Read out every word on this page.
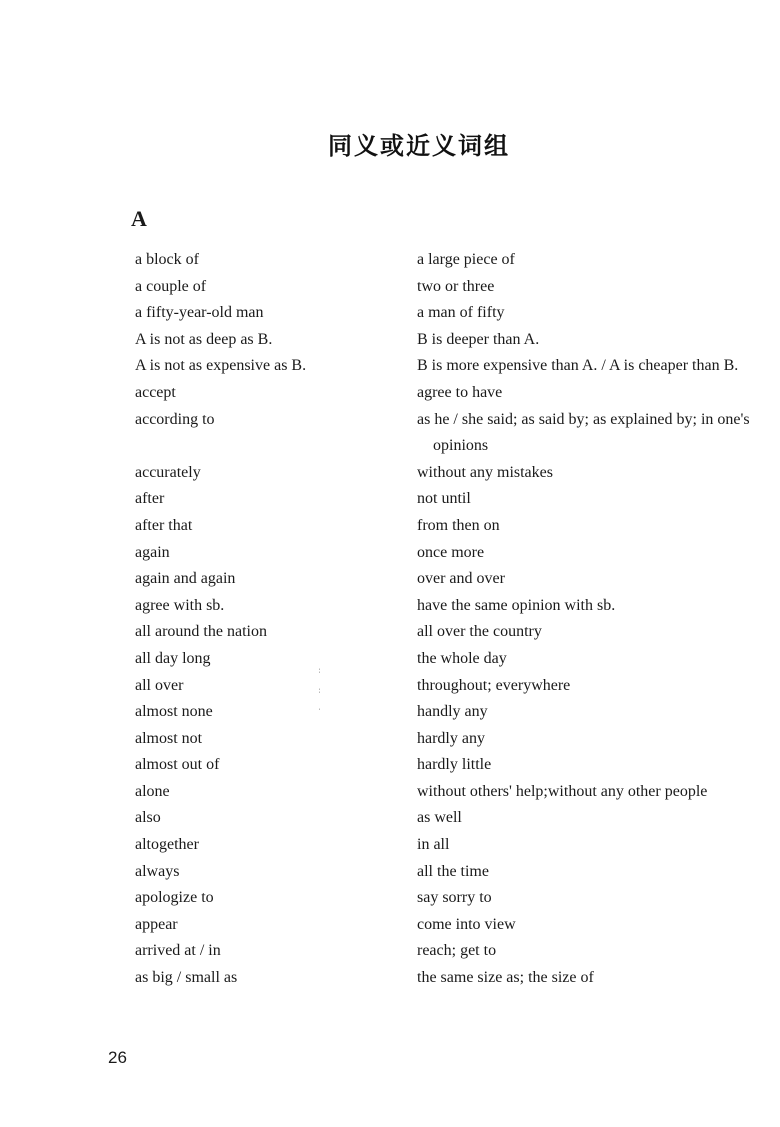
同义或近义词组
A
a block of	a large piece of
a couple of	two or three
a fifty-year-old man	a man of fifty
A is not as deep as B.	B is deeper than A.
A is not as expensive as B.	B is more expensive than A. / A is cheaper than B.
accept	agree to have
according to	as he / she said; as said by; as explained by; in one's opinions
accurately	without any mistakes
after	not until
after that	from then on
again	once more
again and again	over and over
agree with sb.	have the same opinion with sb.
all around the nation	all over the country
all day long	the whole day
all over	throughout; everywhere
almost none	handly any
almost not	hardly any
almost out of	hardly little
alone	without others' help;without any other people
also	as well
altogether	in all
always	all the time
apologize to	say sorry to
appear	come into view
arrived at / in	reach; get to
as big / small as	the same size as; the size of
ˌ
ˈ
ˌ
ˈ
ˌ
26
